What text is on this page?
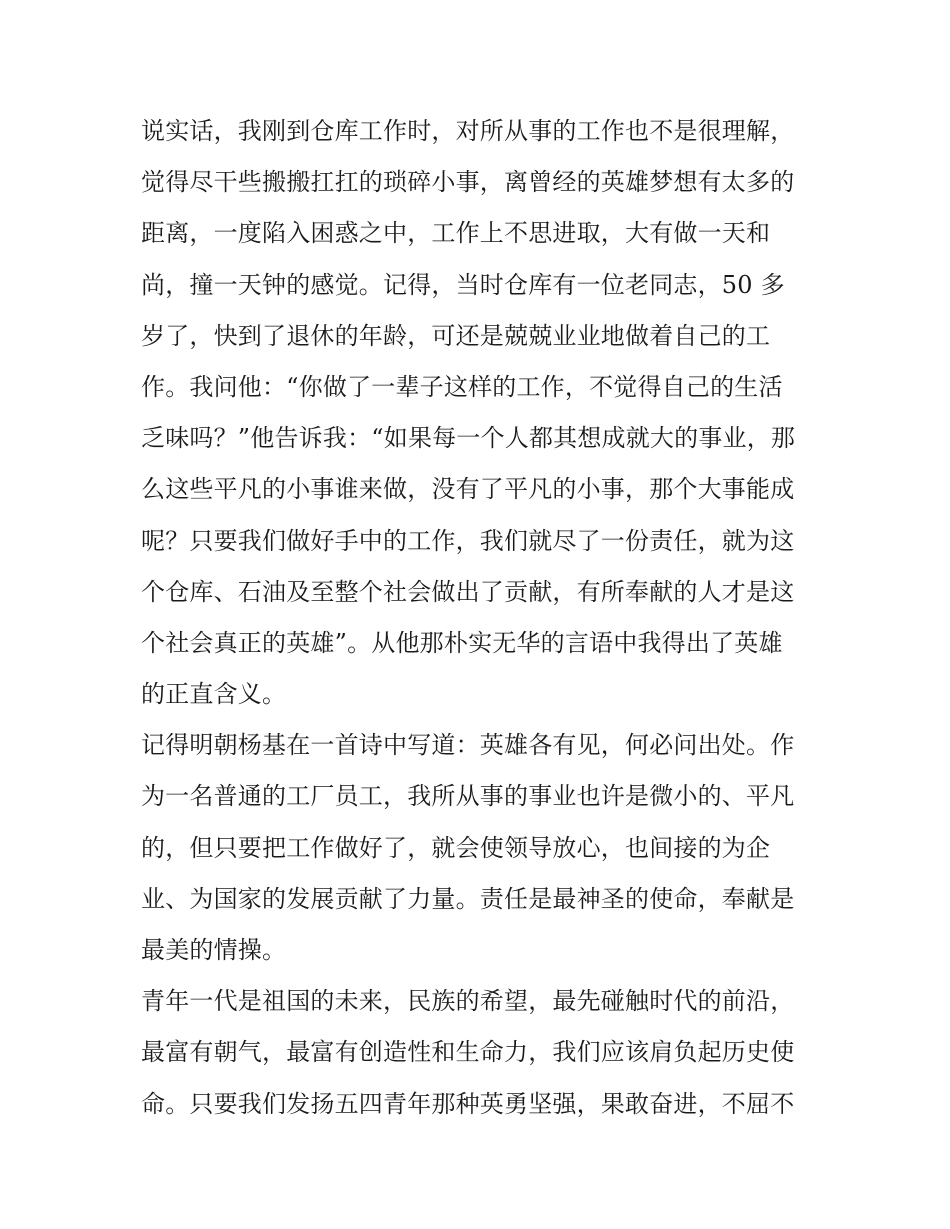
说实话，我刚到仓库工作时，对所从事的工作也不是很理解，
觉得尽干些搬搬扛扛的琐碎小事，离曾经的英雄梦想有太多的
距离，一度陷入困惑之中，工作上不思进取，大有做一天和
尚，撞一天钟的感觉。记得，当时仓库有一位老同志，50 多
岁了，快到了退休的年龄，可还是兢兢业业地做着自己的工
作。我问他：“你做了一辈子这样的工作，不觉得自己的生活
乏味吗？”他告诉我：“如果每一个人都其想成就大的事业，那
么这些平凡的小事谁来做，没有了平凡的小事，那个大事能成
呢？只要我们做好手中的工作，我们就尽了一份责任，就为这
个仓库、石油及至整个社会做出了贡献，有所奉献的人才是这
个社会真正的英雄”。从他那朴实无华的言语中我得出了英雄
的正直含义。
记得明朝杨基在一首诗中写道：英雄各有见，何必问出处。作
为一名普通的工厂员工，我所从事的事业也许是微小的、平凡
的，但只要把工作做好了，就会使领导放心，也间接的为企
业、为国家的发展贡献了力量。责任是最神圣的使命，奉献是
最美的情操。
青年一代是祖国的未来，民族的希望，最先碰触时代的前沿，
最富有朝气，最富有创造性和生命力，我们应该肩负起历史使
命。只要我们发扬五四青年那种英勇坚强，果敢奋进，不屈不
